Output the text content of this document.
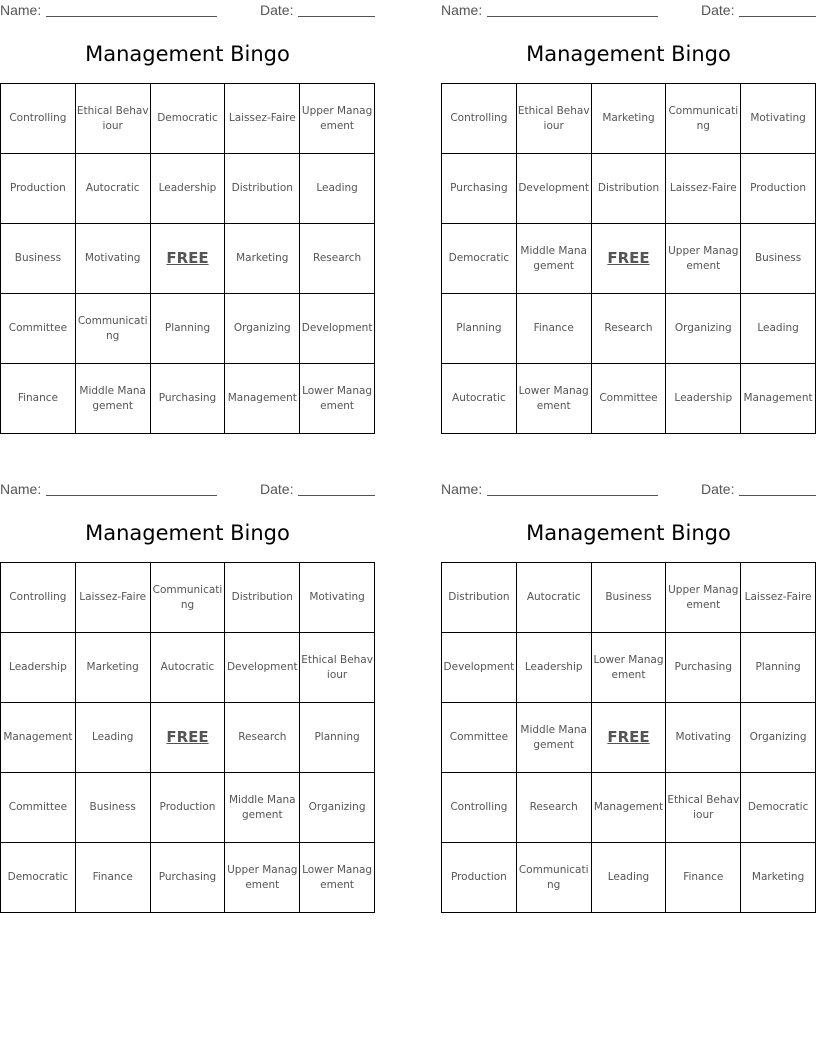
Name:	Date:
Management Bingo
Controlling	Ethical Behaviour	Democratic	Laissez-Faire	Upper Management
Production	Autocratic	Leadership	Distribution	Leading
Business	Motivating	FREE	Marketing	Research
Committee	Communicating	Planning	Organizing	Development
Finance	Middle Management	Purchasing	Management	Lower Management
Name:	Date:
Management Bingo
Controlling	Ethical Behaviour	Marketing	Communicating	Motivating
Purchasing	Development	Distribution	Laissez-Faire	Production
Democratic	Middle Management	FREE	Upper Management	Business
Planning	Finance	Research	Organizing	Leading
Autocratic	Lower Management	Committee	Leadership	Management
Name:	Date:
Management Bingo
Controlling	Laissez-Faire	Communicating	Distribution	Motivating
Leadership	Marketing	Autocratic	Development	Ethical Behaviour
Management	Leading	FREE	Research	Planning
Committee	Business	Production	Middle Management	Organizing
Democratic	Finance	Purchasing	Upper Management	Lower Management
Name:	Date:
Management Bingo
Distribution	Autocratic	Business	Upper Management	Laissez-Faire
Development	Leadership	Lower Management	Purchasing	Planning
Committee	Middle Management	FREE	Motivating	Organizing
Controlling	Research	Management	Ethical Behaviour	Democratic
Production	Communicating	Leading	Finance	Marketing
